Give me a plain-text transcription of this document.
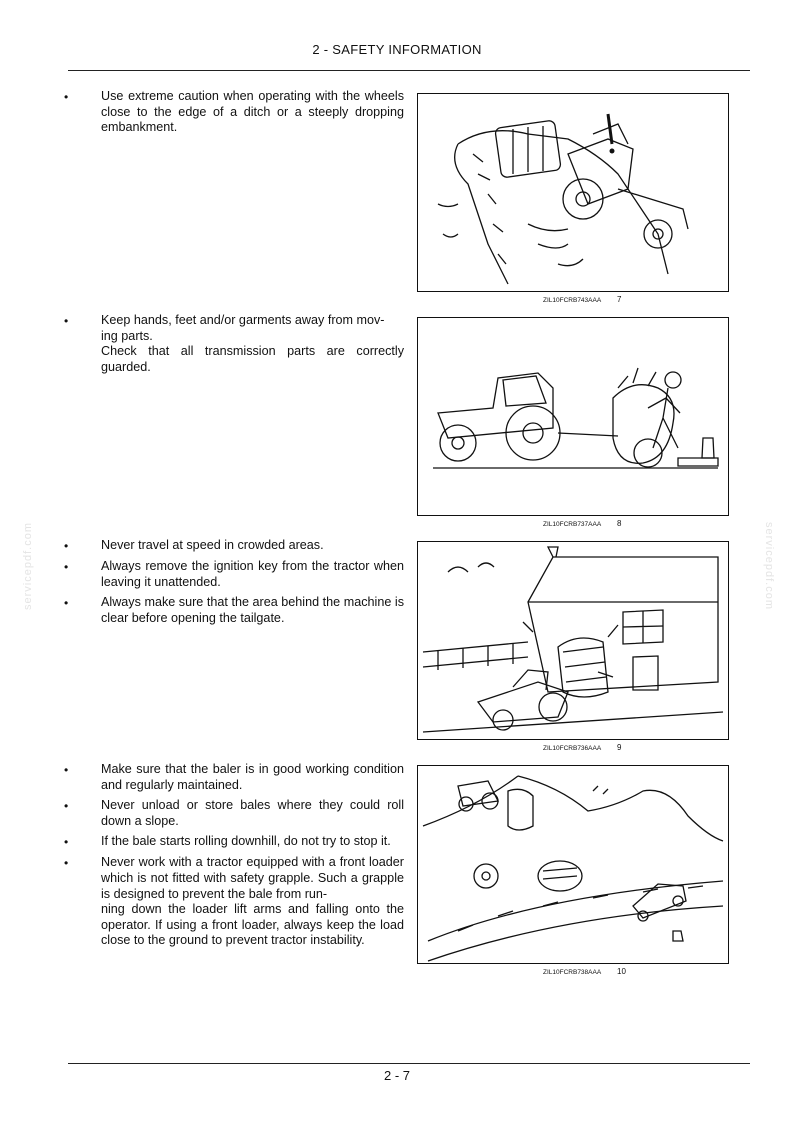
2 - SAFETY INFORMATION
servicepdf.com	servicepdf.com
•	Use extreme caution when operating with the wheels close to the edge of a ditch or a steeply dropping embankment.
ZIL10FCRB743AAA 7
•	Keep hands, feet and/or garments away from mov-
ing parts.
Check that all transmission parts are correctly guarded.
ZIL10FCRB737AAA 8
•	Never travel at speed in crowded areas.
•	Always remove the ignition key from the tractor when leaving it unattended.
•	Always make sure that the area behind the machine is clear before opening the tailgate.
ZIL10FCRB736AAA 9
•	Make sure that the baler is in good working condition and regularly maintained.
•	Never unload or store bales where they could roll down a slope.
•	If the bale starts rolling downhill, do not try to stop it.
•	Never work with a tractor equipped with a front loader which is not fitted with safety grapple. Such a grapple is designed to prevent the bale from run-
ning down the loader lift arms and falling onto the operator. If using a front loader, always keep the load close to the ground to prevent tractor instability.
ZIL10FCRB738AAA 10
2 - 7
